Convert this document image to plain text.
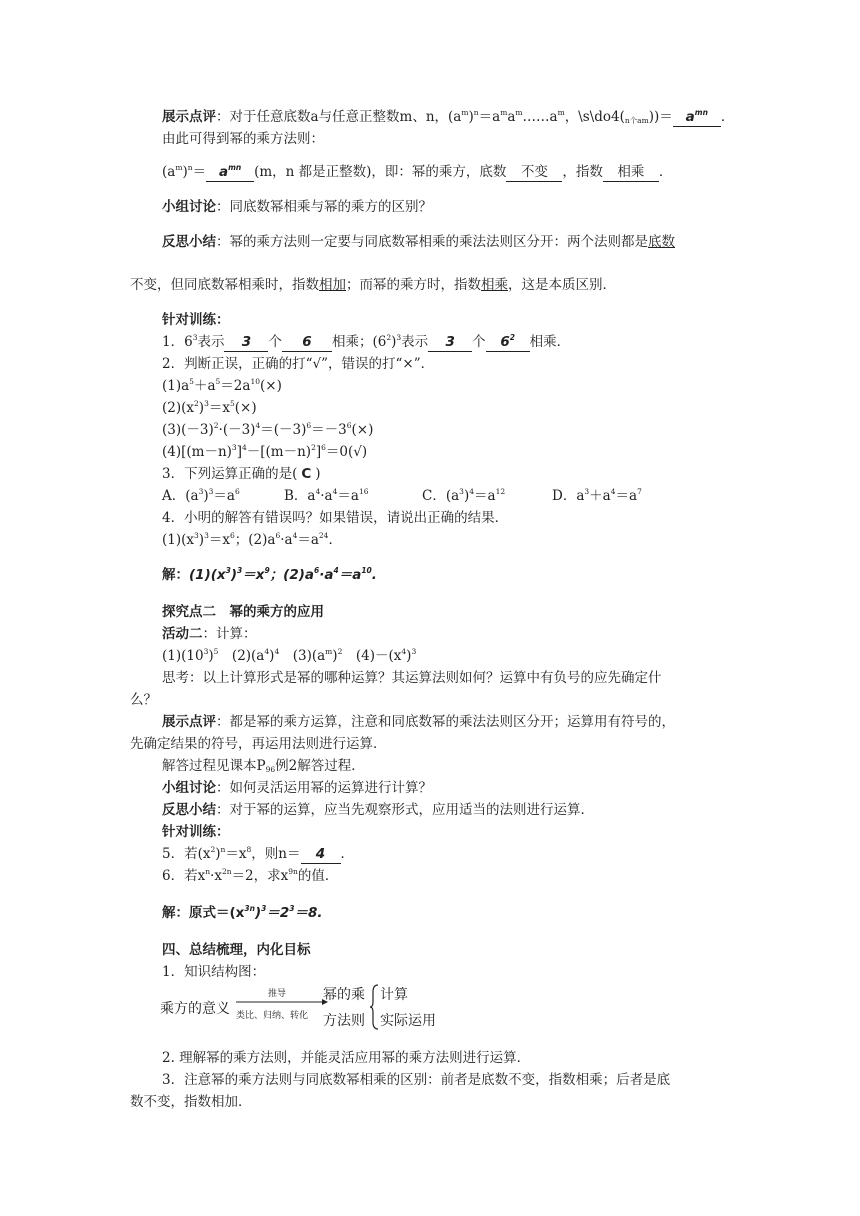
展示点评：对于任意底数a与任意正整数m、n，$(a^m)^n=a^ma^m\dots\dots a^m$，$\backslash s\backslash do4(_{n个am}))= a^{mn}$ ．
由此可得到幂的乘方法则：
$(a^m)^n= a^{mn}$ (m，n 都是正整数)，即：幂的乘方，底数 不变 ，指数 相乘 ．
小组讨论：同底数幂相乘与幂的乘方的区别？
反思小结：幂的乘方法则一定要与同底数幂相乘的乘法法则区分开：两个法则都是底数
不变，但同底数幂相乘时，指数相加；而幂的乘方时，指数相乘，这是本质区别．
针对训练：
1．$6^3$表示 3 个 6 相乘；$(6^2)^3$表示 3 个 $6^2$ 相乘．
2．判断正误，正确的打“√”，错误的打“×”．
$(1)a^5+a^5=2a^{10}(\times)$
$(2)(x^2)^3=x^5(\times)$
$(3)(-3)^2\cdot(-3)^4=(-3)^6=-3^6(\times)$
$(4)[(m-n)^3]^4-[(m-n)^2]^6=0(√)$
3．下列运算正确的是( C )
A．$(a^3)^3=a^6$	B．$a^4\cdot a^4=a^{16}$	C．$(a^3)^4=a^{12}$	D．$a^3+a^4=a^7$
4．小明的解答有错误吗？如果错误，请说出正确的结果．
$(1)(x^3)^3=x^6$；$(2)a^6\cdot a^4=a^{24}$．
解：$(1)(x^3)^3=x^9$；$(2)a^6\cdot a^4=a^{10}$.
探究点二　幂的乘方的应用
活动二：计算：
$(1)(10^3)^5$　$(2)(a^4)^4$　$(3)(a^m)^2$　$(4)-(x^4)^3$
思考：以上计算形式是幂的哪种运算？其运算法则如何？运算中有负号的应先确定什
么？
展示点评：都是幂的乘方运算，注意和同底数幂的乘法法则区分开；运算用有符号的，
先确定结果的符号，再运用法则进行运算．
解答过程见课本$P_{96}$例2解答过程．
小组讨论：如何灵活运用幂的运算进行计算？
反思小结：对于幂的运算，应当先观察形式，应用适当的法则进行运算．
针对训练：
5．若$(x^2)^n=x^8$，则n＝ 4 ．
6．若$x^n\cdot x^{2n}=2$，求$x^{9n}$的值．
解：原式$=(x^{3n})^3=2^3=8$.
四、总结梳理，内化目标
1．知识结构图：
乘方的意义
推导
类比、归纳、转化
幂的乘
方法则
计算
实际运用
2. 理解幂的乘方法则，并能灵活应用幂的乘方法则进行运算．
3．注意幂的乘方法则与同底数幂相乘的区别：前者是底数不变，指数相乘；后者是底
数不变，指数相加．
